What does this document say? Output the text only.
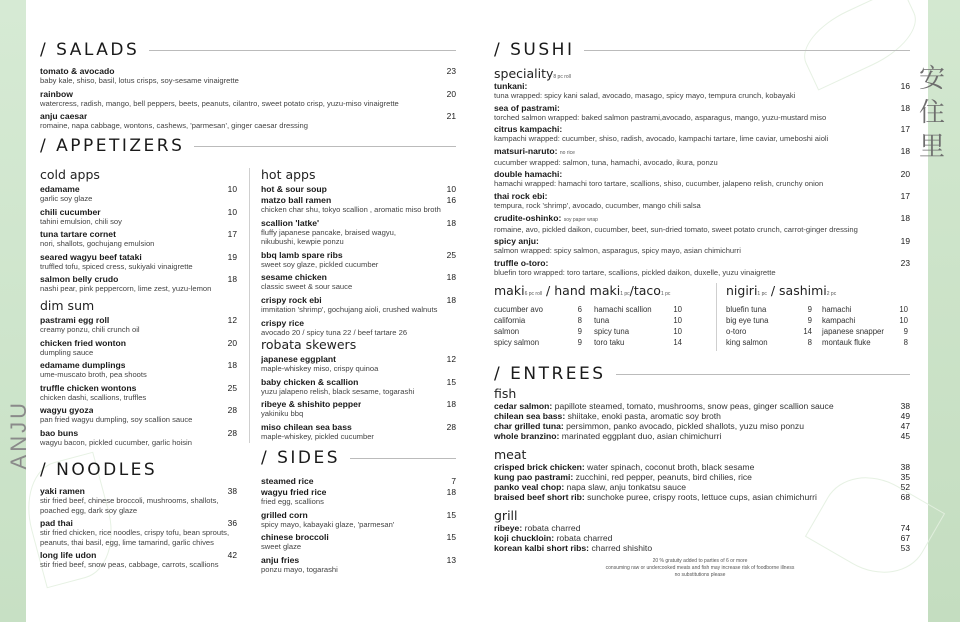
ANJU
安住里
/ SALADS
tomato & avocado	23
baby kale, shiso, basil, lotus crisps, soy-sesame vinaigrette
rainbow	20
watercress, radish, mango, bell peppers, beets, peanuts, cilantro, sweet potato crisp, yuzu-miso vinaigrette
anju caesar	21
romaine, napa cabbage, wontons, cashews, 'parmesan', ginger caesar dressing
/ APPETIZERS
cold apps
edamame	10
garlic soy glaze
chili cucumber	10
tahini emulsion, chili soy
tuna tartare cornet	17
nori, shallots, gochujang emulsion
seared wagyu beef tataki	19
truffled tofu, spiced cress, sukiyaki vinaigrette
salmon belly crudo	18
nashi pear, pink peppercorn, lime zest, yuzu-lemon
dim sum
pastrami egg roll	12
creamy ponzu, chili crunch oil
chicken fried wonton	20
dumpling sauce
edamame dumplings	18
ume-muscato broth, pea shoots
truffle chicken wontons	25
chicken dashi, scallions, truffles
wagyu gyoza	28
pan fried wagyu dumpling, soy scallion sauce
bao buns	28
wagyu bacon, pickled cucumber, garlic hoisin
hot apps
hot & sour soup	10
matzo ball ramen	16
chicken char shu, tokyo scallion , aromatic miso broth
scallion 'latke'	18
fluffy japanese pancake, braised wagyu, nikubushi, kewpie ponzu
bbq lamb spare ribs	25
sweet soy glaze, pickled cucumber
sesame chicken	18
classic sweet & sour sauce
crispy rock ebi	18
immitation 'shrimp', gochujang aioli, crushed walnuts
crispy rice
avocado 20 / spicy tuna 22 / beef tartare 26
robata skewers
japanese eggplant	12
maple-whiskey miso, crispy quinoa
baby chicken & scallion	15
yuzu jalapeno relish, black sesame, togarashi
ribeye & shishito pepper	18
yakiniku bbq
miso chilean sea bass	28
maple-whiskey, pickled cucumber
/ NOODLES
yaki ramen	38
stir fried beef, chinese broccoli, mushrooms, shallots,
poached egg, dark soy glaze
pad thai	36
stir fried chicken, rice noodles, crispy tofu, bean sprouts,
peanuts, thai basil, egg, lime tamarind, garlic chives
long life udon	42
stir fried beef, snow peas, cabbage, carrots, scallions
/ SIDES
steamed rice	7
wagyu fried rice	18
fried egg, scallions
grilled corn	15
spicy mayo, kabayaki glaze, 'parmesan'
chinese broccoli	15
sweet glaze
anju fries	13
ponzu mayo, togarashi
/ SUSHI
speciality8 pc roll
tunkani:	16
tuna wrapped: spicy kani salad, avocado, masago, spicy mayo, tempura crunch, kobayaki
sea of pastrami:	18
torched salmon wrapped: baked salmon pastrami,avocado, asparagus, mango, yuzu-mustard miso
citrus kampachi:	17
kampachi wrapped: cucumber, shiso, radish, avocado, kampachi tartare, lime caviar, umeboshi aioli
matsuri-naruto: no rice	18
cucumber wrapped: salmon, tuna, hamachi, avocado, ikura, ponzu
double hamachi:	20
hamachi wrapped: hamachi toro tartare, scallions, shiso, cucumber, jalapeno relish, crunchy onion
thai rock ebi:	17
tempura, rock 'shrimp', avocado, cucumber, mango chili salsa
crudite-oshinko: soy paper wrap	18
romaine, avo, pickled daikon, cucumber, beet, sun-dried tomato, sweet potato crunch, carrot-ginger dressing
spicy anju:	19
salmon wrapped: spicy salmon, asparagus, spicy mayo, asian chimichurri
truffle o-toro:	23
bluefin toro wrapped: toro tartare, scallions, pickled daikon, duxelle, yuzu vinaigrette
maki6 pc roll / hand maki1 pc/taco1 pc
cucumber avo	6
california	8
salmon	9
spicy salmon	9
hamachi scallion	10
tuna	10
spicy tuna	10
toro taku	14
nigiri1 pc / sashimi2 pc
bluefin tuna	9
big eye tuna	9
o-toro	14
king salmon	8
hamachi	10
kampachi	10
japanese snapper	9
montauk fluke	8
/ ENTREES
fish
cedar salmon: papillote steamed, tomato, mushrooms, snow peas, ginger scallion sauce	38
chilean sea bass: shiitake, enoki pasta, aromatic soy broth	49
char grilled tuna: persimmon, panko avocado, pickled shallots, yuzu miso ponzu	47
whole branzino: marinated eggplant duo, asian chimichurri	45
meat
crisped brick chicken: water spinach, coconut broth, black sesame	38
kung pao pastrami: zucchini, red pepper, peanuts, bird chilies, rice	35
panko veal chop: napa slaw, anju tonkatsu sauce	52
braised beef short rib: sunchoke puree, crispy roots, lettuce cups, asian chimichurri	68
grill
ribeye: robata charred	74
koji chuckloin: robata charred	67
korean kalbi short ribs: charred shishito	53
20 % gratuity added to parties of 6 or more
consuming raw or undercooked meats and fish may increase risk of foodborne illness
no substitutions please
